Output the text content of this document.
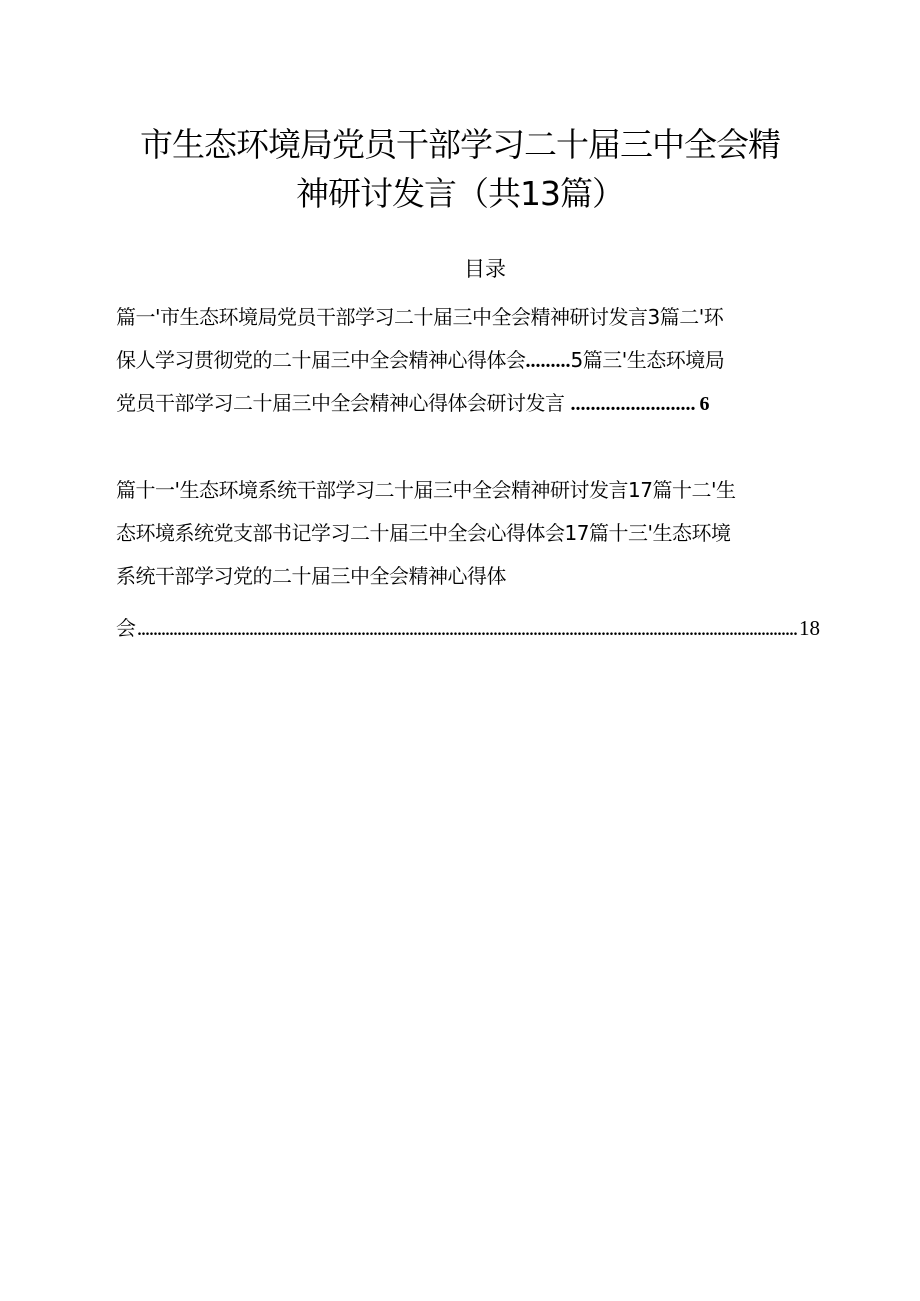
市生态环境局党员干部学习二十届三中全会精
神研讨发言（共13篇）
目录
篇一'市生态环境局党员干部学习二十届三中全会精神研讨发言3篇二'环
保人学习贯彻党的二十届三中全会精神心得体会.........5篇三'生态环境局
党员干部学习二十届三中全会精神心得体会研讨发言 ......................... 6
篇十一'生态环境系统干部学习二十届三中全会精神研讨发言17篇十二'生
态环境系统党支部书记学习二十届三中全会心得体会17篇十三'生态环境
系统干部学习党的二十届三中全会精神心得体
会
.....	18
